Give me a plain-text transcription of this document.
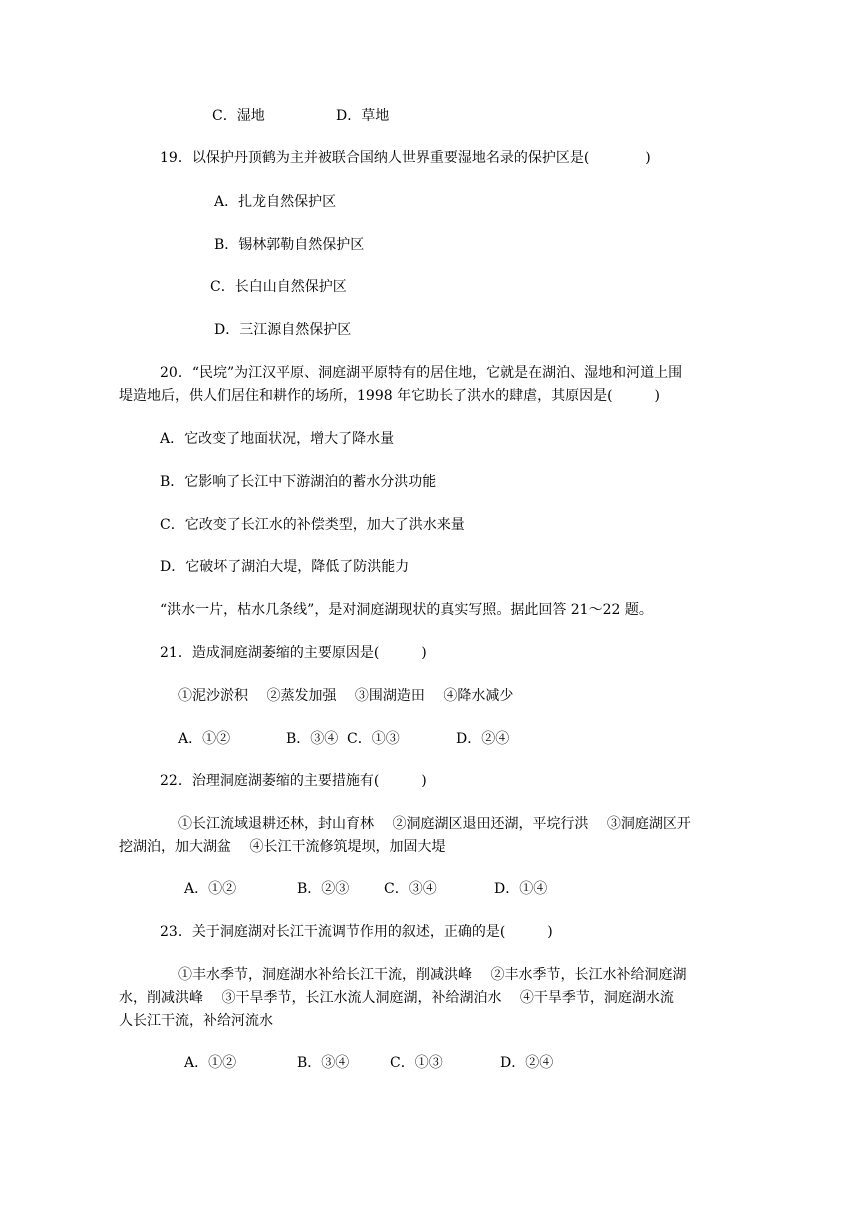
C．湿地	D．草地
19．以保护丹顶鹤为主并被联合国纳人世界重要湿地名录的保护区是(　　　　)
A．扎龙自然保护区
B．锡林郭勒自然保护区
C．长白山自然保护区
D．三江源自然保护区
20．“民垸”为江汉平原、洞庭湖平原特有的居住地，它就是在湖泊、湿地和河道上围
堤造地后，供人们居住和耕作的场所，1998 年它助长了洪水的肆虐，其原因是(　　　)
A．它改变了地面状况，增大了降水量
B．它影响了长江中下游湖泊的蓄水分洪功能
C．它改变了长江水的补偿类型，加大了洪水来量
D．它破坏了湖泊大堤，降低了防洪能力
“洪水一片，枯水几条线”，是对洞庭湖现状的真实写照。据此回答 21～22 题。
21．造成洞庭湖萎缩的主要原因是(　　　)
①泥沙淤积　 ②蒸发加强　 ③围湖造田　 ④降水减少
A．①②	B．③④ C．①③	D．②④
22．治理洞庭湖萎缩的主要措施有(　　　)
①长江流域退耕还林，封山育林　 ②洞庭湖区退田还湖，平垸行洪　 ③洞庭湖区开
挖湖泊，加大湖盆　 ④长江干流修筑堤坝，加固大堤
A．①②	B．②③ C．③④	D．①④
23．关于洞庭湖对长江干流调节作用的叙述，正确的是(　　　)
①丰水季节，洞庭湖水补给长江干流，削减洪峰　 ②丰水季节，长江水补给洞庭湖
水，削减洪峰　 ③干旱季节，长江水流人洞庭湖，补给湖泊水　 ④干旱季节，洞庭湖水流
人长江干流，补给河流水
A．①②	B．③④	C．①③	D．②④
